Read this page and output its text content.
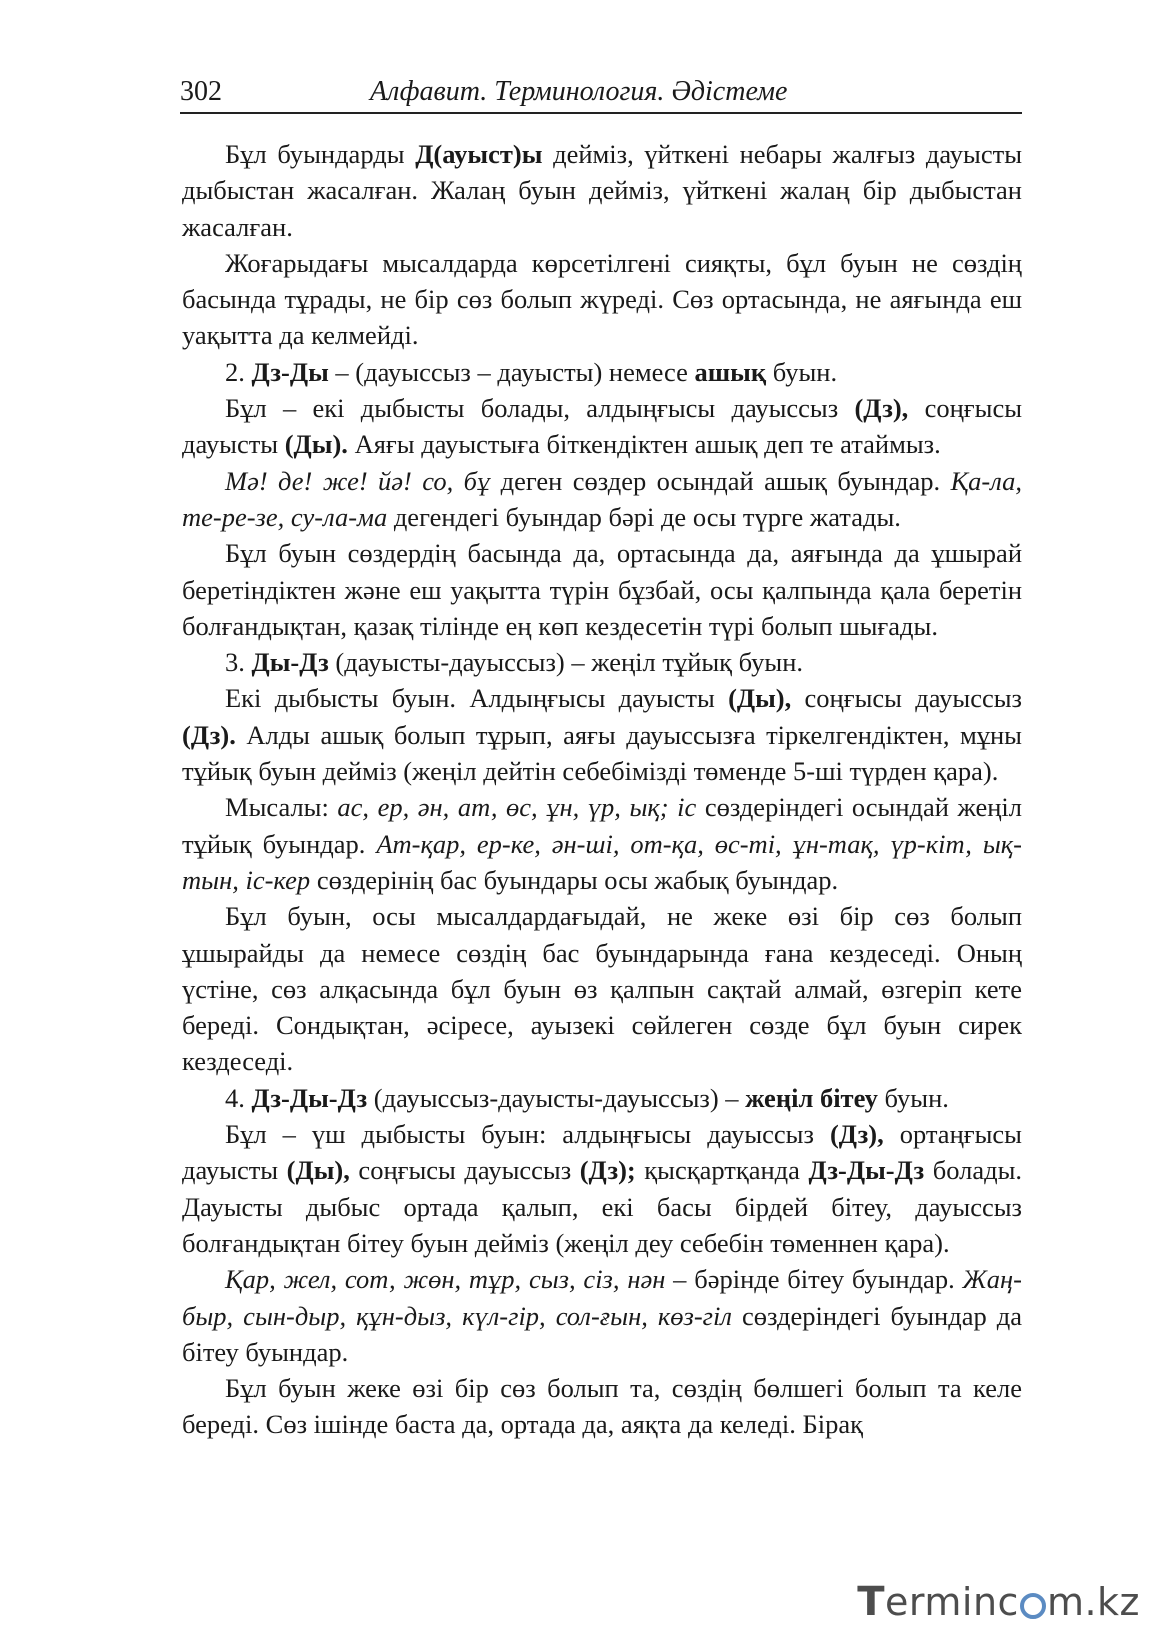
302	Алфавит. Терминология. Әдістеме

Бұл буындарды Д(ауыст)ы дейміз, үйткені небары жалғыз дауысты дыбыстан жасалған. Жалаң буын дейміз, үйткені жалаң бір дыбыстан жасалған.

Жоғарыдағы мысалдарда көрсетілгені сияқты, бұл буын не сөздің басында тұрады, не бір сөз болып жүреді. Сөз ортасында, не аяғында еш уақытта да келмейді.

2. Дз-Ды – (дауыссыз – дауысты) немесе ашық буын.

Бұл – екі дыбысты болады, алдыңғысы дауыссыз (Дз), соңғысы дауысты (Ды). Аяғы дауыстыға біткендіктен ашық деп те атаймыз.

Мә! де! же! йә! со, бұ деген сөздер осындай ашық буындар. Қа-ла, те-ре-зе, су-ла-ма дегендегі буындар бәрі де осы түрге жатады.

Бұл буын сөздердің басында да, ортасында да, аяғында да ұшырай беретіндіктен және еш уақытта түрін бұзбай, осы қалпында қала беретін болғандықтан, қазақ тілінде ең көп кездесетін түрі болып шығады.

3. Ды-Дз (дауысты-дауыссыз) – жеңіл тұйық буын.

Екі дыбысты буын. Алдыңғысы дауысты (Ды), соңғысы дауыссыз (Дз). Алды ашық болып тұрып, аяғы дауыссызға тіркелгендіктен, мұны тұйық буын дейміз (жеңіл дейтін себебімізді төменде 5-ші түрден қара).

Мысалы: ас, ер, ән, ат, өс, ұн, үр, ық; іс сөздеріндегі осындай жеңіл тұйық буындар. Ат-қар, ер-ке, ән-ші, от-қа, өс-ті, ұн-тақ, үр-кіт, ық-тын, іс-кер сөздерінің бас буындары осы жабық буындар.

Бұл буын, осы мысалдардағыдай, не жеке өзі бір сөз болып ұшырайды да немесе сөздің бас буындарында ғана кездеседі. Оның үстіне, сөз алқасында бұл буын өз қалпын сақтай алмай, өзгеріп кете береді. Сондықтан, әсіресе, ауызекі сөйлеген сөзде бұл буын сирек кездеседі.

4. Дз-Ды-Дз (дауыссыз-дауысты-дауыссыз) – жеңіл бітеу буын.

Бұл – үш дыбысты буын: алдыңғысы дауыссыз (Дз), ортаңғысы дауысты (Ды), соңғысы дауыссыз (Дз); қысқартқанда Дз-Ды-Дз болады. Дауысты дыбыс ортада қалып, екі басы бірдей бітеу, дауыссыз болғандықтан бітеу буын дейміз (жеңіл деу себебін төменнен қара).

Қар, жел, сот, жөн, тұр, сыз, сіз, нән – бәрінде бітеу буындар. Жаң-быр, сын-дыр, құн-дыз, күл-гір, сол-ғын, көз-гіл сөздеріндегі буындар да бітеу буындар.

Бұл буын жеке өзі бір сөз болып та, сөздің бөлшегі болып та келе береді. Сөз ішінде баста да, ортада да, аяқта да келеді. Бірақ

Terminc m.kz
